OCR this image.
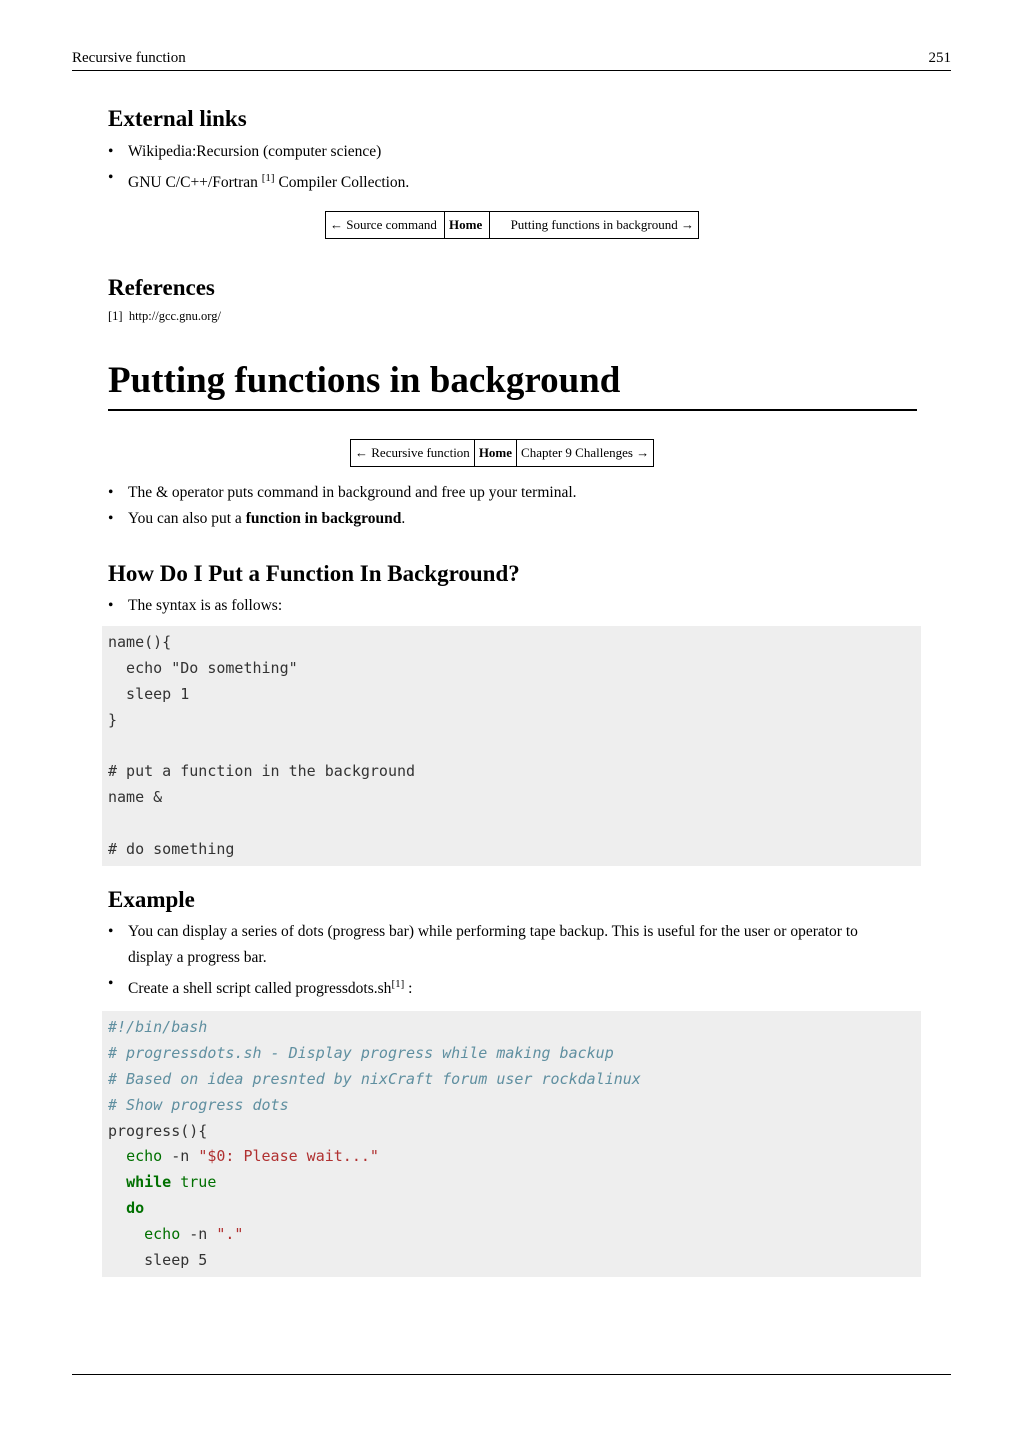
Recursive function	251
External links
• Wikipedia:Recursion (computer science)
• GNU C/C++/Fortran [1] Compiler Collection.
← Source command	Home	Putting functions in background →
References
[1] http://gcc.gnu.org/
Putting functions in background
← Recursive function	Home	Chapter 9 Challenges →
• The & operator puts command in background and free up your terminal.
• You can also put a function in background.
How Do I Put a Function In Background?
• The syntax is as follows:
name(){
echo "Do something"
sleep 1
}

# put a function in the background
name &

# do something
Example
• You can display a series of dots (progress bar) while performing tape backup. This is useful for the user or operator to display a progress bar.
• Create a shell script called progressdots.sh[1] :
#!/bin/bash
# progressdots.sh - Display progress while making backup
# Based on idea presnted by nixCraft forum user rockdalinux
# Show progress dots
progress(){
echo -n "$0: Please wait..."
while true
do
echo -n "."
sleep 5
